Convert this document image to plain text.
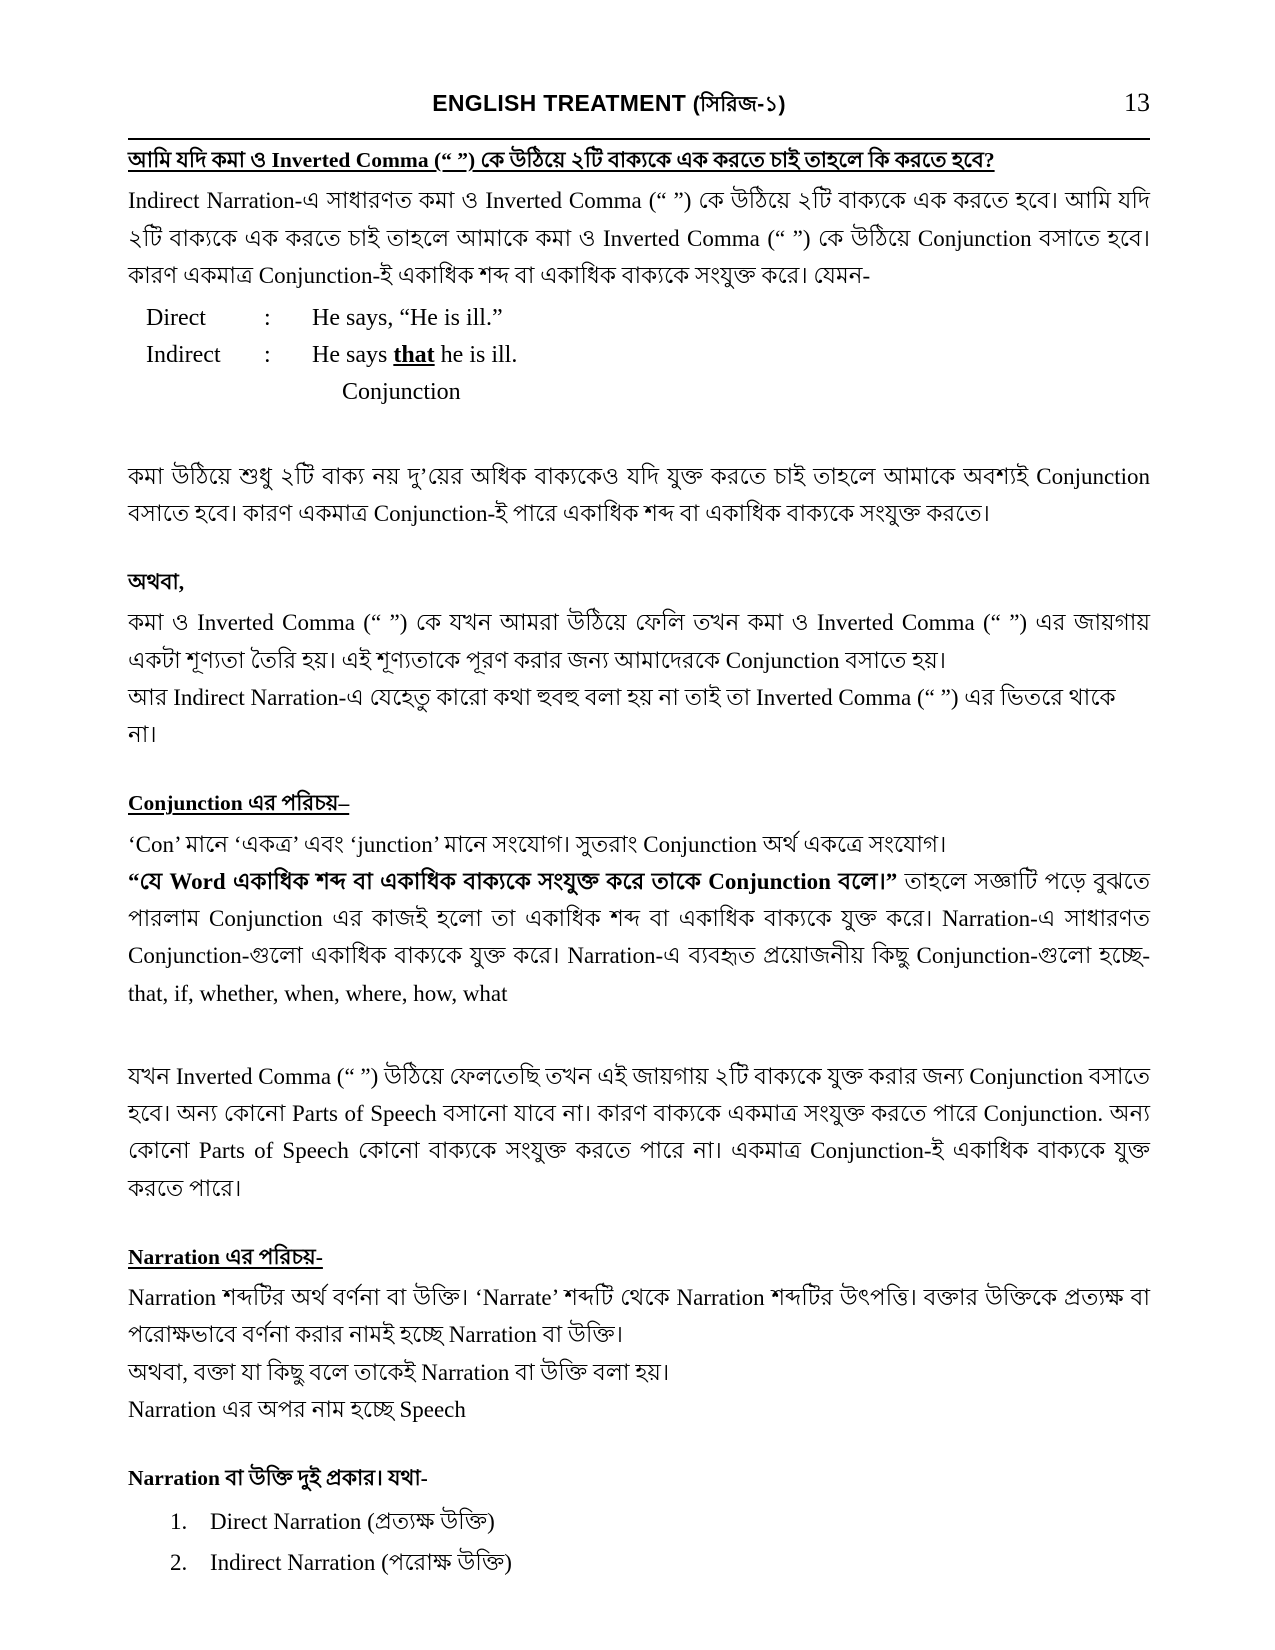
ENGLISH TREATMENT (সিরিজ-১)	13
আমি যদি কমা ও Inverted Comma (“ ”) কে উঠিয়ে ২টি বাক্যকে এক করতে চাই তাহলে কি করতে হবে?

Indirect Narration-এ সাধারণত কমা ও Inverted Comma (“ ”) কে উঠিয়ে ২টি বাক্যকে এক করতে হবে। আমি যদি ২টি বাক্যকে এক করতে চাই তাহলে আমাকে কমা ও Inverted Comma (“ ”) কে উঠিয়ে Conjunction বসাতে হবে। কারণ একমাত্র Conjunction-ই একাধিক শব্দ বা একাধিক বাক্যকে সংযুক্ত করে। যেমন-

Direct	:	He says, “He is ill.”
Indirect	:	He says that he is ill.
Conjunction

কমা উঠিয়ে শুধু ২টি বাক্য নয় দু’য়ের অধিক বাক্যকেও যদি যুক্ত করতে চাই তাহলে আমাকে অবশ্যই Conjunction বসাতে হবে। কারণ একমাত্র Conjunction-ই পারে একাধিক শব্দ বা একাধিক বাক্যকে সংযুক্ত করতে।

অথবা,

কমা ও Inverted Comma (“ ”) কে যখন আমরা উঠিয়ে ফেলি তখন কমা ও Inverted Comma (“ ”) এর জায়গায় একটা শূণ্যতা তৈরি হয়। এই শূণ্যতাকে পূরণ করার জন্য আমাদেরকে Conjunction বসাতে হয়।

আর Indirect Narration-এ যেহেতু কারো কথা হুবহু বলা হয় না তাই তা Inverted Comma (“ ”) এর ভিতরে থাকে না।

Conjunction এর পরিচয়–

‘Con’ মানে ‘একত্র’ এবং ‘junction’ মানে সংযোগ। সুতরাং Conjunction অর্থ একত্রে সংযোগ।

“যে Word একাধিক শব্দ বা একাধিক বাক্যকে সংযুক্ত করে তাকে Conjunction বলে।” তাহলে সজ্ঞাটি পড়ে বুঝতে পারলাম Conjunction এর কাজই হলো তা একাধিক শব্দ বা একাধিক বাক্যকে যুক্ত করে। Narration-এ সাধারণত Conjunction-গুলো একাধিক বাক্যকে যুক্ত করে। Narration-এ ব্যবহৃত প্রয়োজনীয় কিছু Conjunction-গুলো হচ্ছে- that, if, whether, when, where, how, what

যখন Inverted Comma (“ ”) উঠিয়ে ফেলতেছি তখন এই জায়গায় ২টি বাক্যকে যুক্ত করার জন্য Conjunction বসাতে হবে। অন্য কোনো Parts of Speech বসানো যাবে না। কারণ বাক্যকে একমাত্র সংযুক্ত করতে পারে Conjunction. অন্য কোনো Parts of Speech কোনো বাক্যকে সংযুক্ত করতে পারে না। একমাত্র Conjunction-ই একাধিক বাক্যকে যুক্ত করতে পারে।

Narration এর পরিচয়-

Narration শব্দটির অর্থ বর্ণনা বা উক্তি। ‘Narrate’ শব্দটি থেকে Narration শব্দটির উৎপত্তি। বক্তার উক্তিকে প্রত্যক্ষ বা পরোক্ষভাবে বর্ণনা করার নামই হচ্ছে Narration বা উক্তি।

অথবা, বক্তা যা কিছু বলে তাকেই Narration বা উক্তি বলা হয়।

Narration এর অপর নাম হচ্ছে Speech

Narration বা উক্তি দুই প্রকার। যথা-
1. Direct Narration (প্রত্যক্ষ উক্তি)
2. Indirect Narration (পরোক্ষ উক্তি)
